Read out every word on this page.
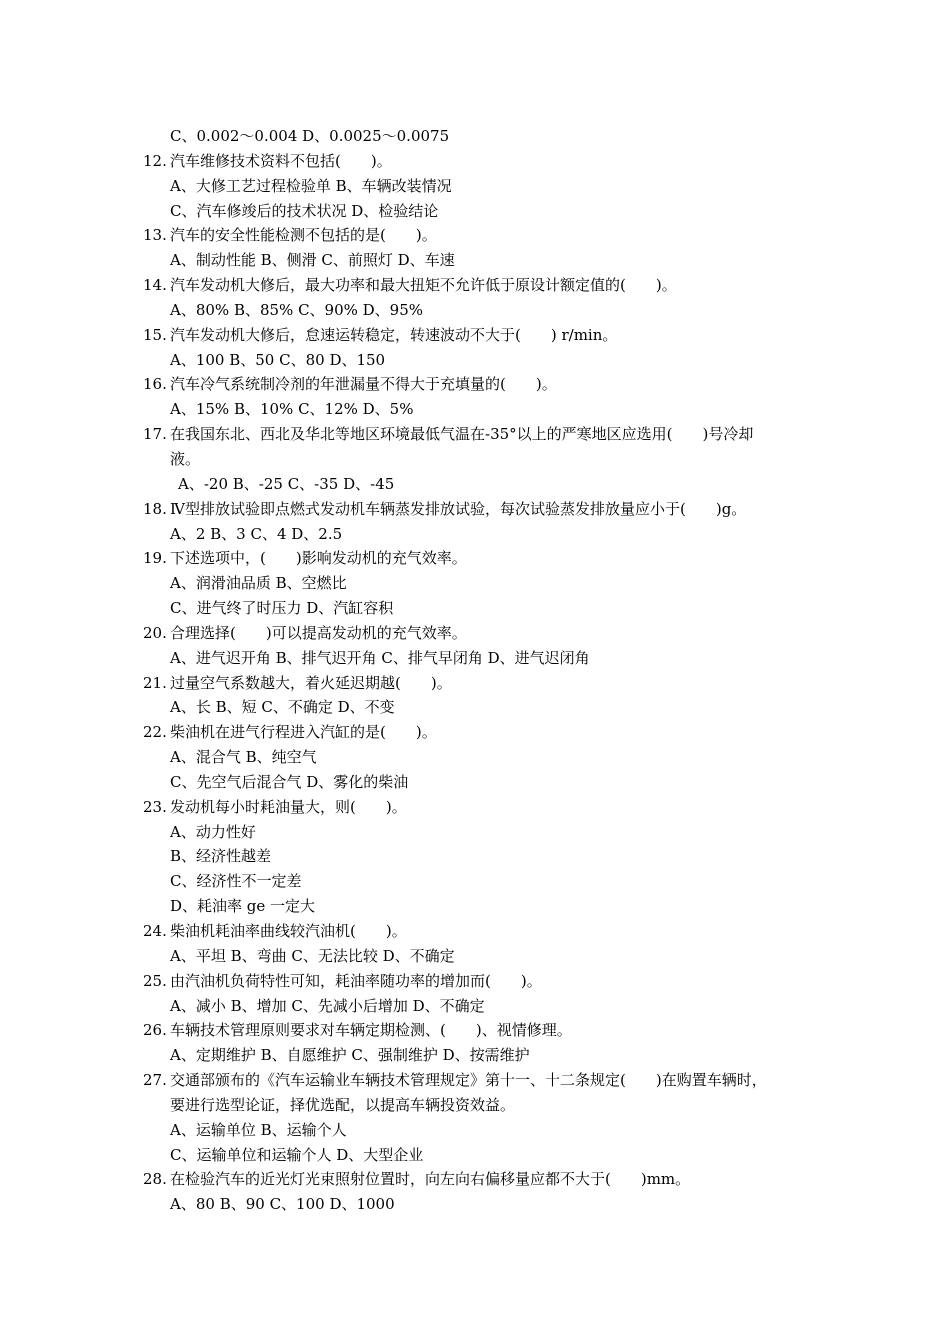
C、0.002～0.004 D、0.0025～0.0075
12. 汽车维修技术资料不包括(　　)。
A、大修工艺过程检验单 B、车辆改装情况
C、汽车修竣后的技术状况 D、检验结论
13. 汽车的安全性能检测不包括的是(　　)。
A、制动性能 B、侧滑 C、前照灯 D、车速
14. 汽车发动机大修后，最大功率和最大扭矩不允许低于原设计额定值的(　　)。
A、80% B、85% C、90% D、95%
15. 汽车发动机大修后，怠速运转稳定，转速波动不大于(　　) r/min。
A、100 B、50 C、80 D、150
16. 汽车冷气系统制冷剂的年泄漏量不得大于充填量的(　　)。
A、15% B、10% C、12% D、5%
17. 在我国东北、西北及华北等地区环境最低气温在-35°以上的严寒地区应选用(　　)号冷却
液。
A、-20 B、-25 C、-35 D、-45
18. Ⅳ型排放试验即点燃式发动机车辆蒸发排放试验，每次试验蒸发排放量应小于(　　)g。
A、2 B、3 C、4 D、2.5
19. 下述选项中，(　　)影响发动机的充气效率。
A、润滑油品质 B、空燃比
C、进气终了时压力 D、汽缸容积
20. 合理选择(　　)可以提高发动机的充气效率。
A、进气迟开角 B、排气迟开角 C、排气早闭角 D、进气迟闭角
21. 过量空气系数越大，着火延迟期越(　　)。
A、长 B、短 C、不确定 D、不变
22. 柴油机在进气行程进入汽缸的是(　　)。
A、混合气 B、纯空气
C、先空气后混合气 D、雾化的柴油
23. 发动机每小时耗油量大，则(　　)。
A、动力性好
B、经济性越差
C、经济性不一定差
D、耗油率 ge 一定大
24. 柴油机耗油率曲线较汽油机(　　)。
A、平坦 B、弯曲 C、无法比较 D、不确定
25. 由汽油机负荷特性可知，耗油率随功率的增加而(　　)。
A、减小 B、增加 C、先减小后增加 D、不确定
26. 车辆技术管理原则要求对车辆定期检测、(　　)、视情修理。
A、定期维护 B、自愿维护 C、强制维护 D、按需维护
27. 交通部颁布的《汽车运输业车辆技术管理规定》第十一、十二条规定(　　)在购置车辆时，
要进行选型论证，择优选配，以提高车辆投资效益。
A、运输单位 B、运输个人
C、运输单位和运输个人 D、大型企业
28. 在检验汽车的近光灯光束照射位置时，向左向右偏移量应都不大于(　　)mm。
A、80 B、90 C、100 D、1000
